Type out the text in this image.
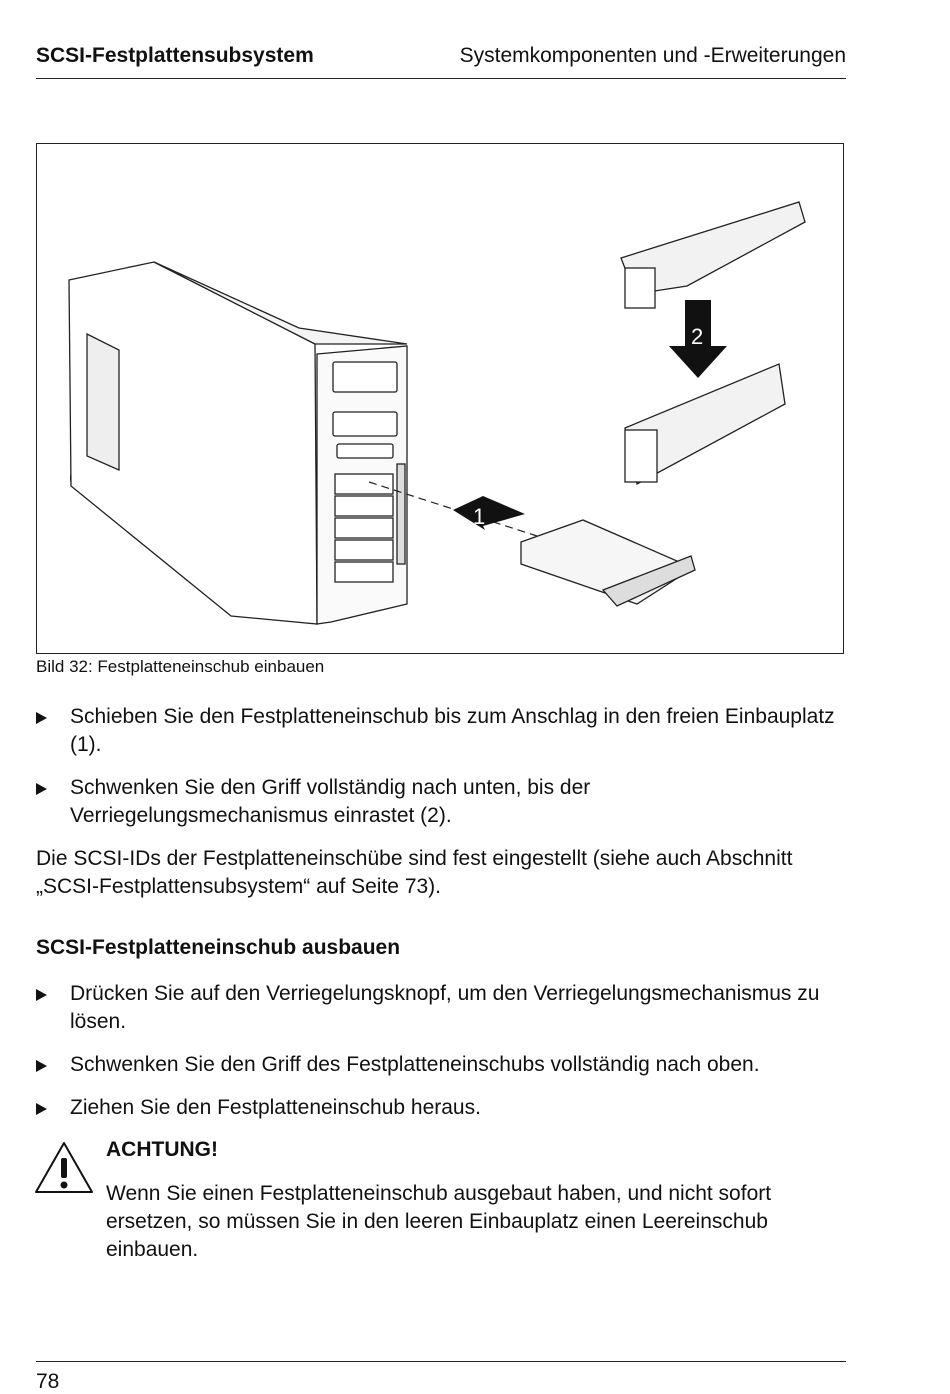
SCSI-Festplattensubsystem	Systemkomponenten und -Erweiterungen
1
2
Bild 32: Festplatteneinschub einbauen
Schieben Sie den Festplatteneinschub bis zum Anschlag in den freien Einbauplatz (1).
Schwenken Sie den Griff vollständig nach unten, bis der Verriegelungsmechanismus einrastet (2).
Die SCSI-IDs der Festplatteneinschübe sind fest eingestellt (siehe auch Abschnitt „SCSI-Festplattensubsystem“ auf Seite 73).
SCSI-Festplatteneinschub ausbauen
Drücken Sie auf den Verriegelungsknopf, um den Verriegelungsmechanismus zu lösen.
Schwenken Sie den Griff des Festplatteneinschubs vollständig nach oben.
Ziehen Sie den Festplatteneinschub heraus.
ACHTUNG!
Wenn Sie einen Festplatteneinschub ausgebaut haben, und nicht sofort ersetzen, so müssen Sie in den leeren Einbauplatz einen Leereinschub einbauen.
78
